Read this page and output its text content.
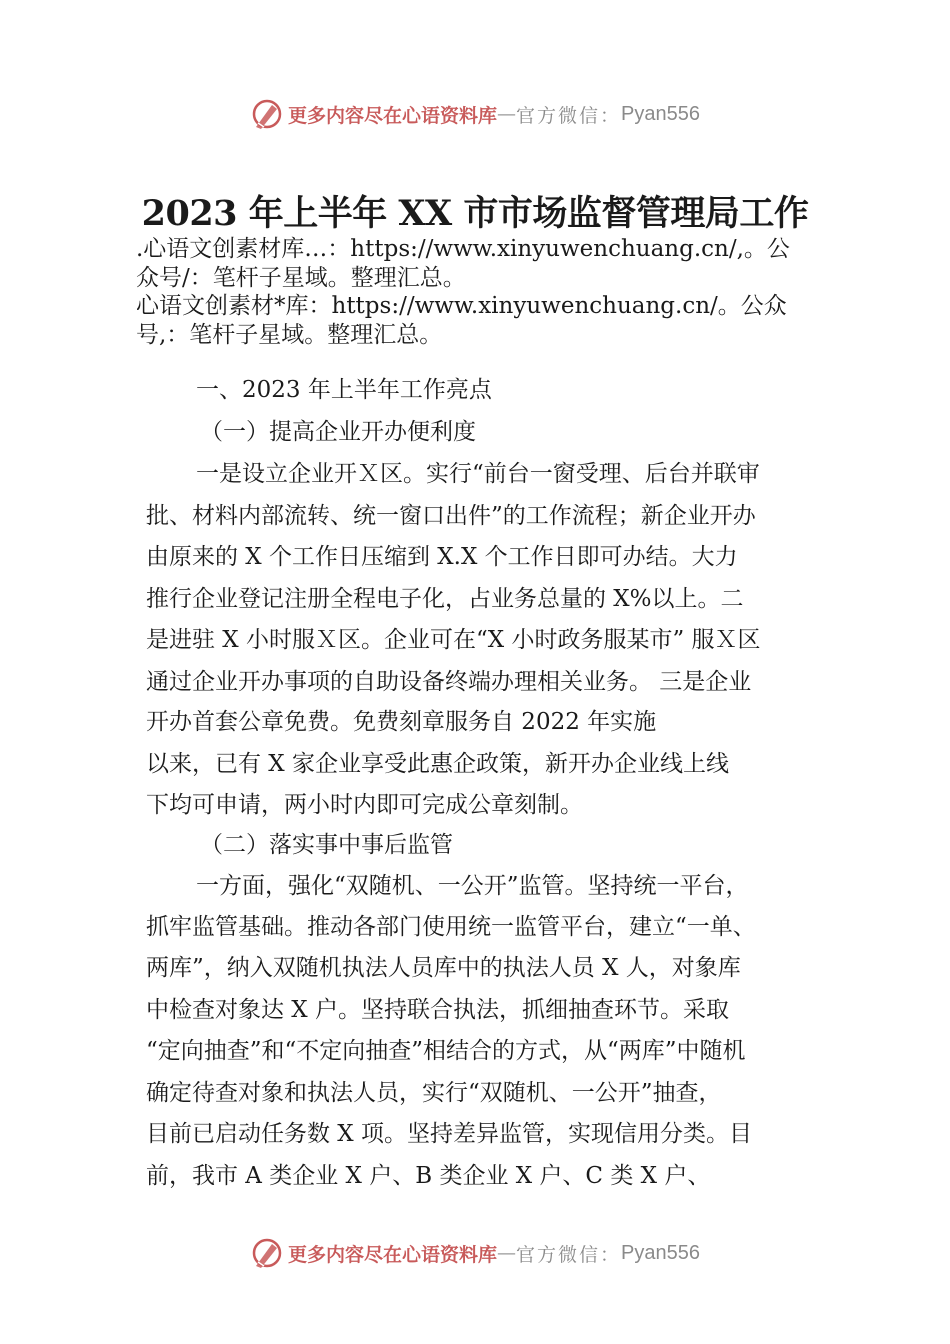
更多内容尽在心语资料库 — 官方微信： Pyan556
2023 年上半年 XX 市市场监督管理局工作
.心语文创素材库…：https://www.xinyuwenchuang.cn/,。公
众号/：笔杆子星域。整理汇总。
心语文创素材*库：https://www.xinyuwenchuang.cn/。公众
号,：笔杆子星域。整理汇总。
一、2023 年上半年工作亮点
（一）提高企业开办便利度
一是设立企业开Ｘ区。实行“前台一窗受理、后台并联审
批、材料内部流转、统一窗口出件”的工作流程；新企业开办
由原来的 X 个工作日压缩到 X.X 个工作日即可办结。大力
推行企业登记注册全程电子化，占业务总量的 X%以上。二
是进驻 X 小时服Ｘ区。企业可在“X 小时政务服某市” 服Ｘ区
通过企业开办事项的自助设备终端办理相关业务。 三是企业
开办首套公章免费。免费刻章服务自 2022 年实施
以来，已有 X 家企业享受此惠企政策，新开办企业线上线
下均可申请，两小时内即可完成公章刻制。
（二）落实事中事后监管
一方面，强化“双随机、一公开”监管。坚持统一平台，
抓牢监管基础。推动各部门使用统一监管平台，建立“一单、
两库”，纳入双随机执法人员库中的执法人员 X 人，对象库
中检查对象达 X 户。坚持联合执法，抓细抽查环节。采取
“定向抽查”和“不定向抽查”相结合的方式，从“两库”中随机
确定待查对象和执法人员，实行“双随机、一公开”抽查，
目前已启动任务数 X 项。坚持差异监管，实现信用分类。目
前，我市 A 类企业 X 户、B 类企业 X 户、C 类 X 户、
更多内容尽在心语资料库 — 官方微信： Pyan556
